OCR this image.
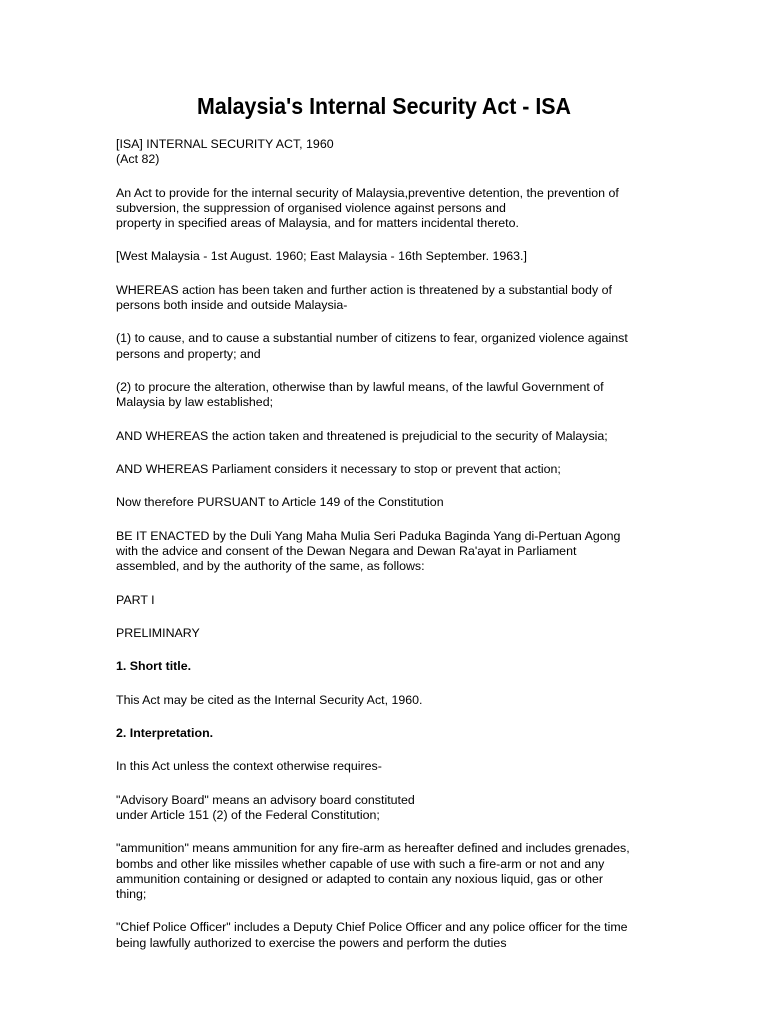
Malaysia's Internal Security Act - ISA

[ISA] INTERNAL SECURITY ACT, 1960
(Act 82)

An Act to provide for the internal security of Malaysia,preventive detention, the prevention of
subversion, the suppression of organised violence against persons and
property in specified areas of Malaysia, and for matters incidental thereto.

[West Malaysia - 1st August. 1960; East Malaysia - 16th September. 1963.]

WHEREAS action has been taken and further action is threatened by a substantial body of
persons both inside and outside Malaysia-

(1) to cause, and to cause a substantial number of citizens to fear, organized violence against
persons and property; and

(2) to procure the alteration, otherwise than by lawful means, of the lawful Government of
Malaysia by law established;

AND WHEREAS the action taken and threatened is prejudicial to the security of Malaysia;

AND WHEREAS Parliament considers it necessary to stop or prevent that action;

Now therefore PURSUANT to Article 149 of the Constitution

BE IT ENACTED by the Duli Yang Maha Mulia Seri Paduka Baginda Yang di-Pertuan Agong
with the advice and consent of the Dewan Negara and Dewan Ra'ayat in Parliament
assembled, and by the authority of the same, as follows:

PART I

PRELIMINARY

1. Short title.

This Act may be cited as the Internal Security Act, 1960.

2. Interpretation.

In this Act unless the context otherwise requires-

"Advisory Board" means an advisory board constituted
under Article 151 (2) of the Federal Constitution;

"ammunition" means ammunition for any fire-arm as hereafter defined and includes grenades,
bombs and other like missiles whether capable of use with such a fire-arm or not and any
ammunition containing or designed or adapted to contain any noxious liquid, gas or other
thing;

"Chief Police Officer" includes a Deputy Chief Police Officer and any police officer for the time
being lawfully authorized to exercise the powers and perform the duties
